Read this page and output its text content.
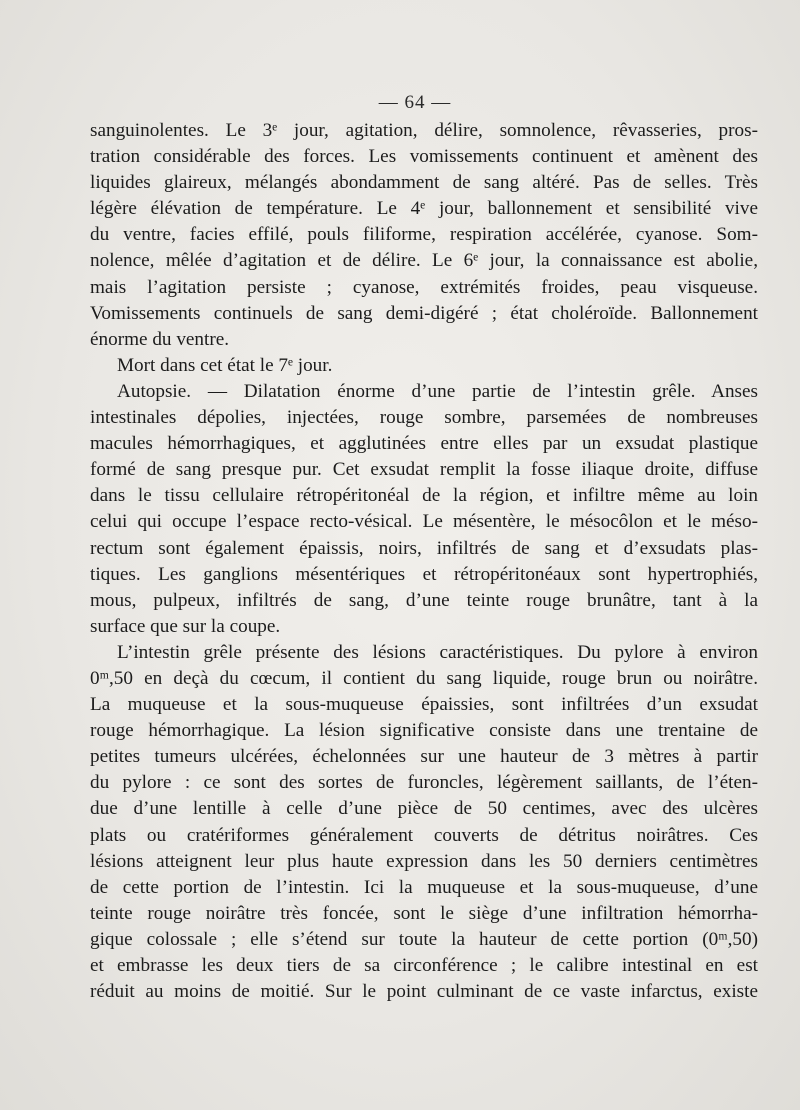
— 64 —
sanguinolentes. Le 3ᵉ jour, agitation, délire, somnolence, rêvasseries, pros-
tration considérable des forces. Les vomissements continuent et amènent des
liquides glaireux, mélangés abondamment de sang altéré. Pas de selles. Très
légère élévation de température. Le 4ᵉ jour, ballonnement et sensibilité vive
du ventre, facies effilé, pouls filiforme, respiration accélérée, cyanose. Som-
nolence, mêlée d’agitation et de délire. Le 6ᵉ jour, la connaissance est abolie,
mais l’agitation persiste ; cyanose, extrémités froides, peau visqueuse.
Vomissements continuels de sang demi-digéré ; état choléroïde. Ballonnement
énorme du ventre.
Mort dans cet état le 7ᵉ jour.
Autopsie. — Dilatation énorme d’une partie de l’intestin grêle. Anses
intestinales dépolies, injectées, rouge sombre, parsemées de nombreuses
macules hémorrhagiques, et agglutinées entre elles par un exsudat plastique
formé de sang presque pur. Cet exsudat remplit la fosse iliaque droite, diffuse
dans le tissu cellulaire rétropéritonéal de la région, et infiltre même au loin
celui qui occupe l’espace recto-vésical. Le mésentère, le mésocôlon et le méso-
rectum sont également épaissis, noirs, infiltrés de sang et d’exsudats plas-
tiques. Les ganglions mésentériques et rétropéritonéaux sont hypertrophiés,
mous, pulpeux, infiltrés de sang, d’une teinte rouge brunâtre, tant à la
surface que sur la coupe.
L’intestin grêle présente des lésions caractéristiques. Du pylore à environ
0ᵐ,50 en deçà du cœcum, il contient du sang liquide, rouge brun ou noirâtre.
La muqueuse et la sous-muqueuse épaissies, sont infiltrées d’un exsudat
rouge hémorrhagique. La lésion significative consiste dans une trentaine de
petites tumeurs ulcérées, échelonnées sur une hauteur de 3 mètres à partir
du pylore : ce sont des sortes de furoncles, légèrement saillants, de l’éten-
due d’une lentille à celle d’une pièce de 50 centimes, avec des ulcères
plats ou cratériformes généralement couverts de détritus noirâtres. Ces
lésions atteignent leur plus haute expression dans les 50 derniers centimètres
de cette portion de l’intestin. Ici la muqueuse et la sous-muqueuse, d’une
teinte rouge noirâtre très foncée, sont le siège d’une infiltration hémorrha-
gique colossale ; elle s’étend sur toute la hauteur de cette portion (0ᵐ,50)
et embrasse les deux tiers de sa circonférence ; le calibre intestinal en est
réduit au moins de moitié. Sur le point culminant de ce vaste infarctus, existe
